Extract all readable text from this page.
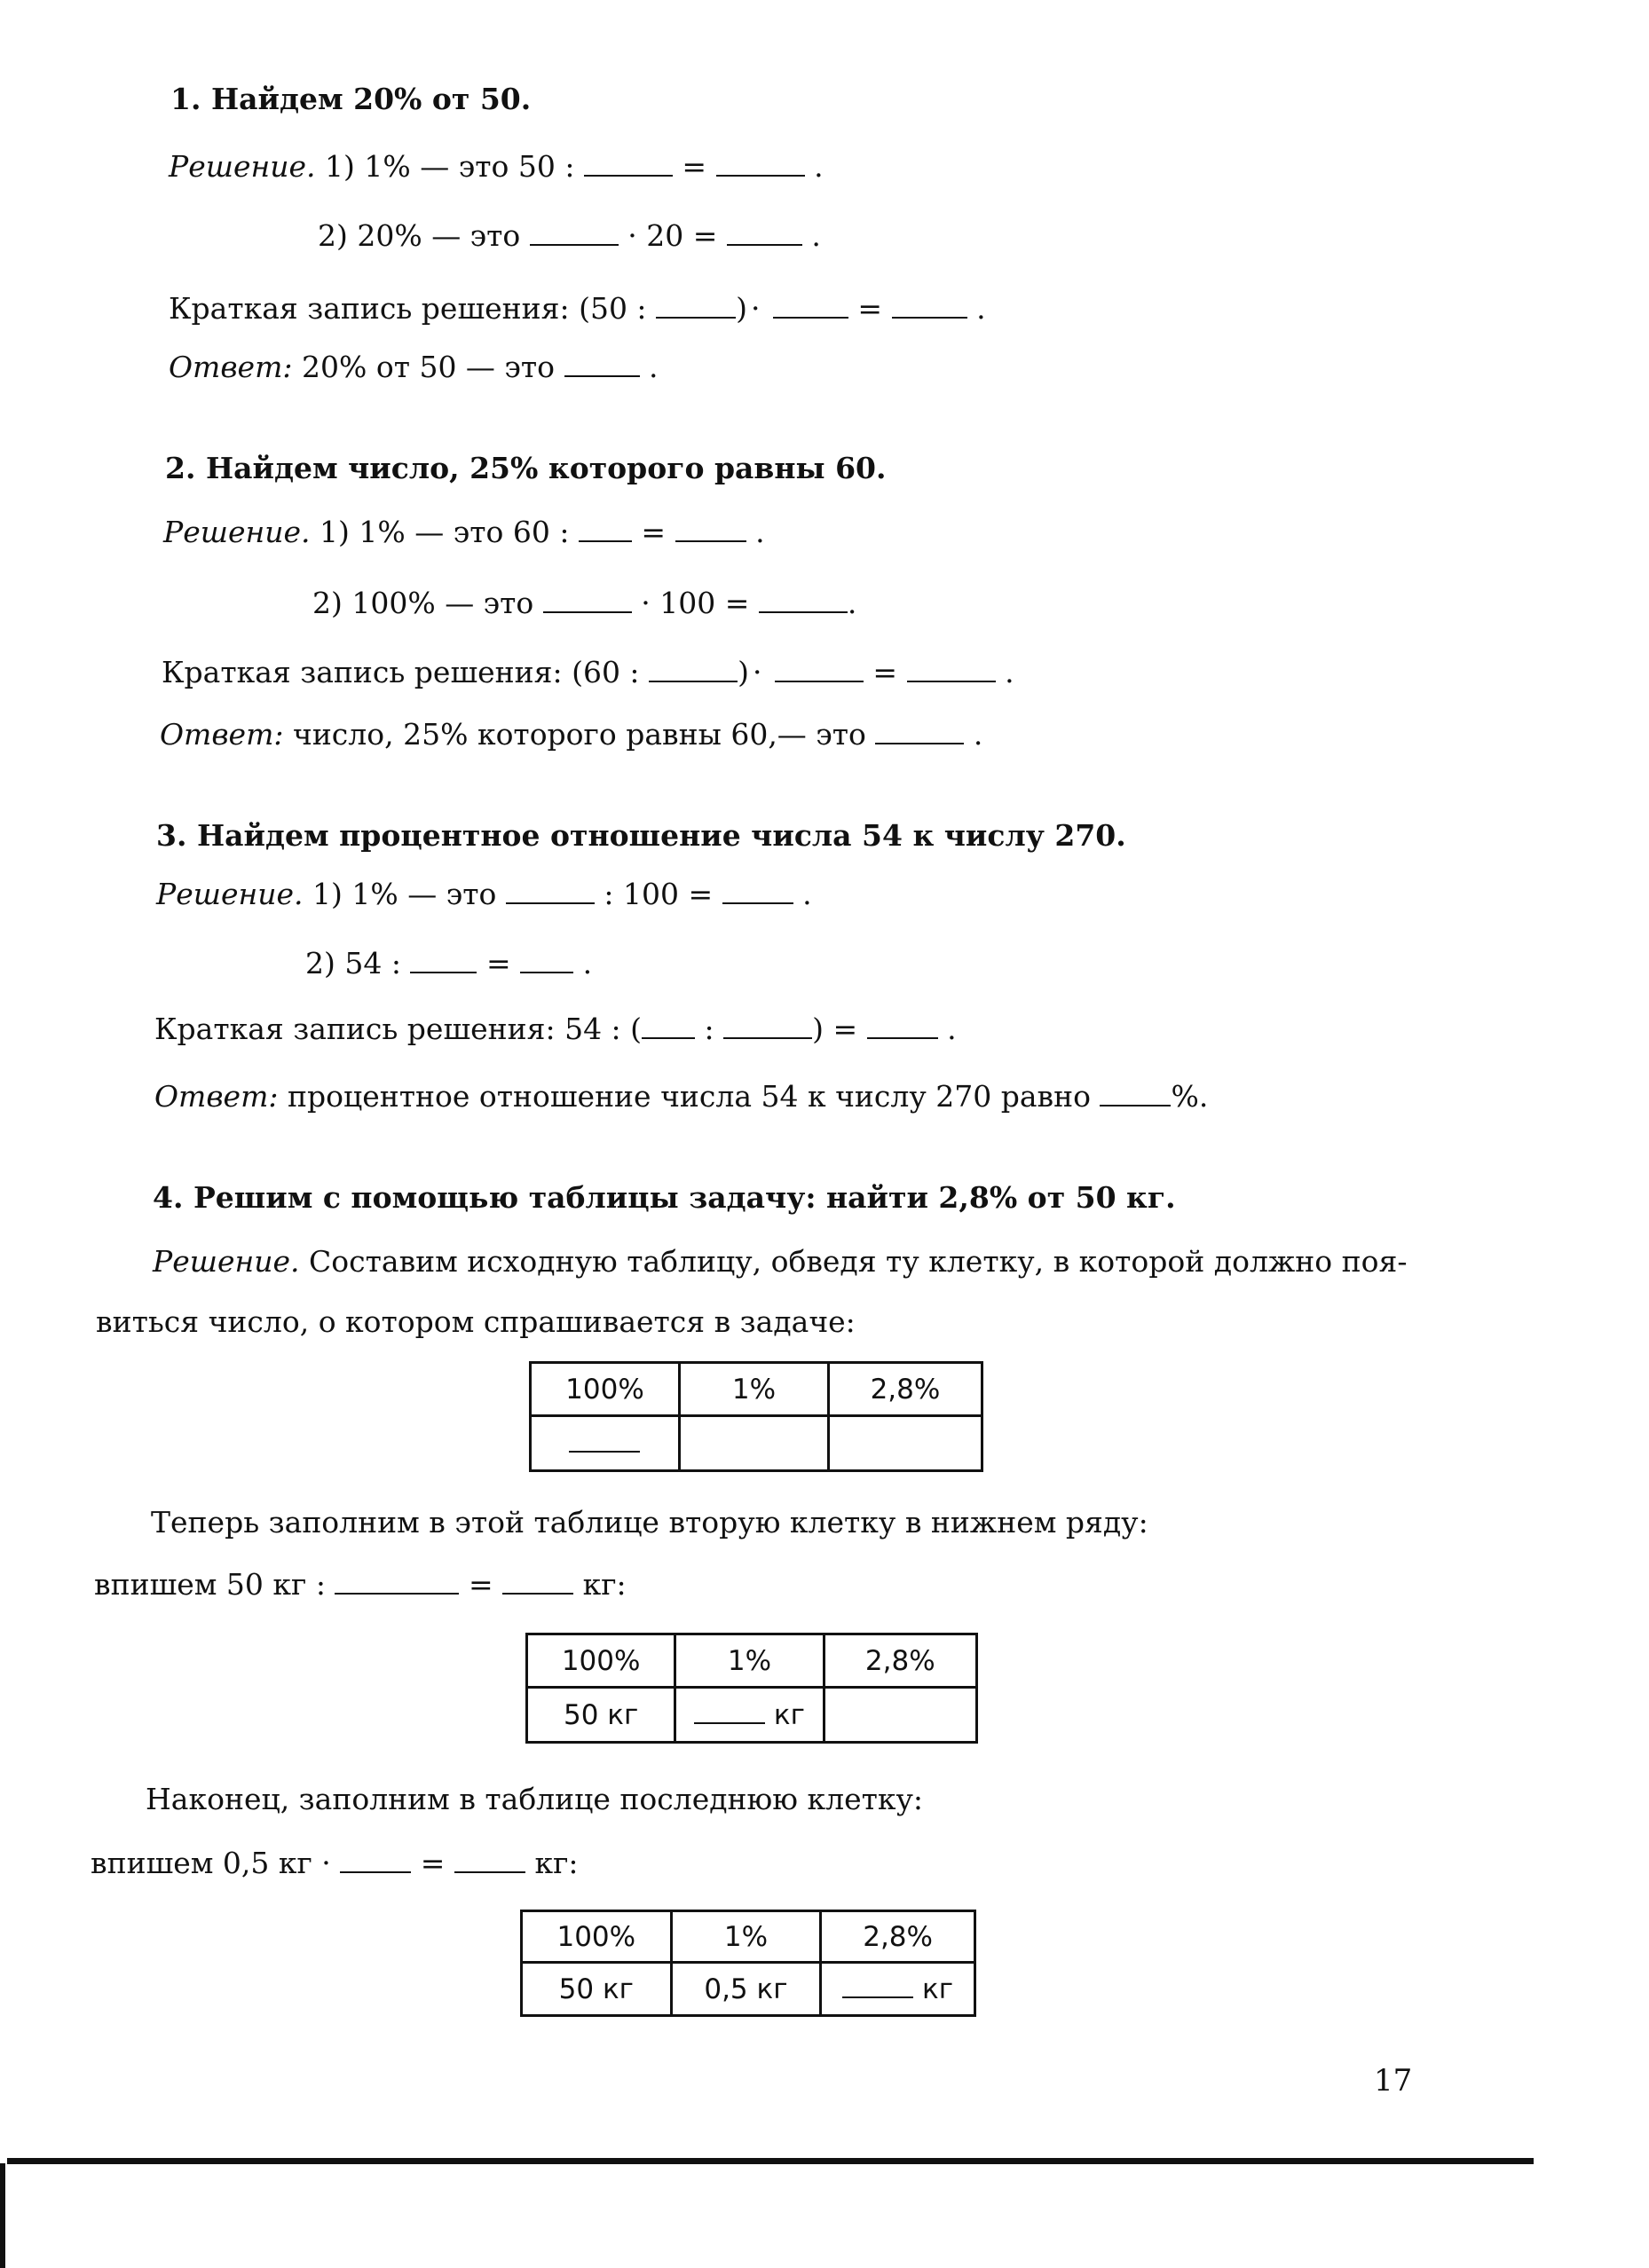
1. Найдем 20% от 50.
Решение. 1) 1% — это 50 :	=	.
2) 20% — это	· 20 =	.
Краткая запись решения: (50 :	) ·	=	.
Ответ: 20% от 50 — это	.
2. Найдем число, 25% которого равны 60.
Решение. 1) 1% — это 60 :  =  .
2) 100% — это	· 100 =	.
Краткая запись решения: (60 :	) ·	=	.
Ответ: число, 25% которого равны 60,— это	.
3. Найдем процентное отношение числа 54 к числу 270.
Решение. 1) 1% — это	: 100 =	.
2) 54 :	=  .
Краткая запись решения: 54 : ( :	) =  .
Ответ: процентное отношение числа 54 к числу 270 равно	%.
4. Решим с помощью таблицы задачу: найти 2,8% от 50 кг.
Решение. Составим исходную таблицу, обведя ту клетку, в которой должно поя-
виться число, о котором спрашивается в задаче:
100%	1%	2,8%

Теперь заполним в этой таблице вторую клетку в нижнем ряду:
впишем 50 кг :	=	кг:
100%	1%	2,8%
50 кг	кг	
Наконец, заполним в таблице последнюю клетку:
впишем 0,5 кг ·	=	кг:
100%	1%	2,8%
50 кг	0,5 кг	кг
17
